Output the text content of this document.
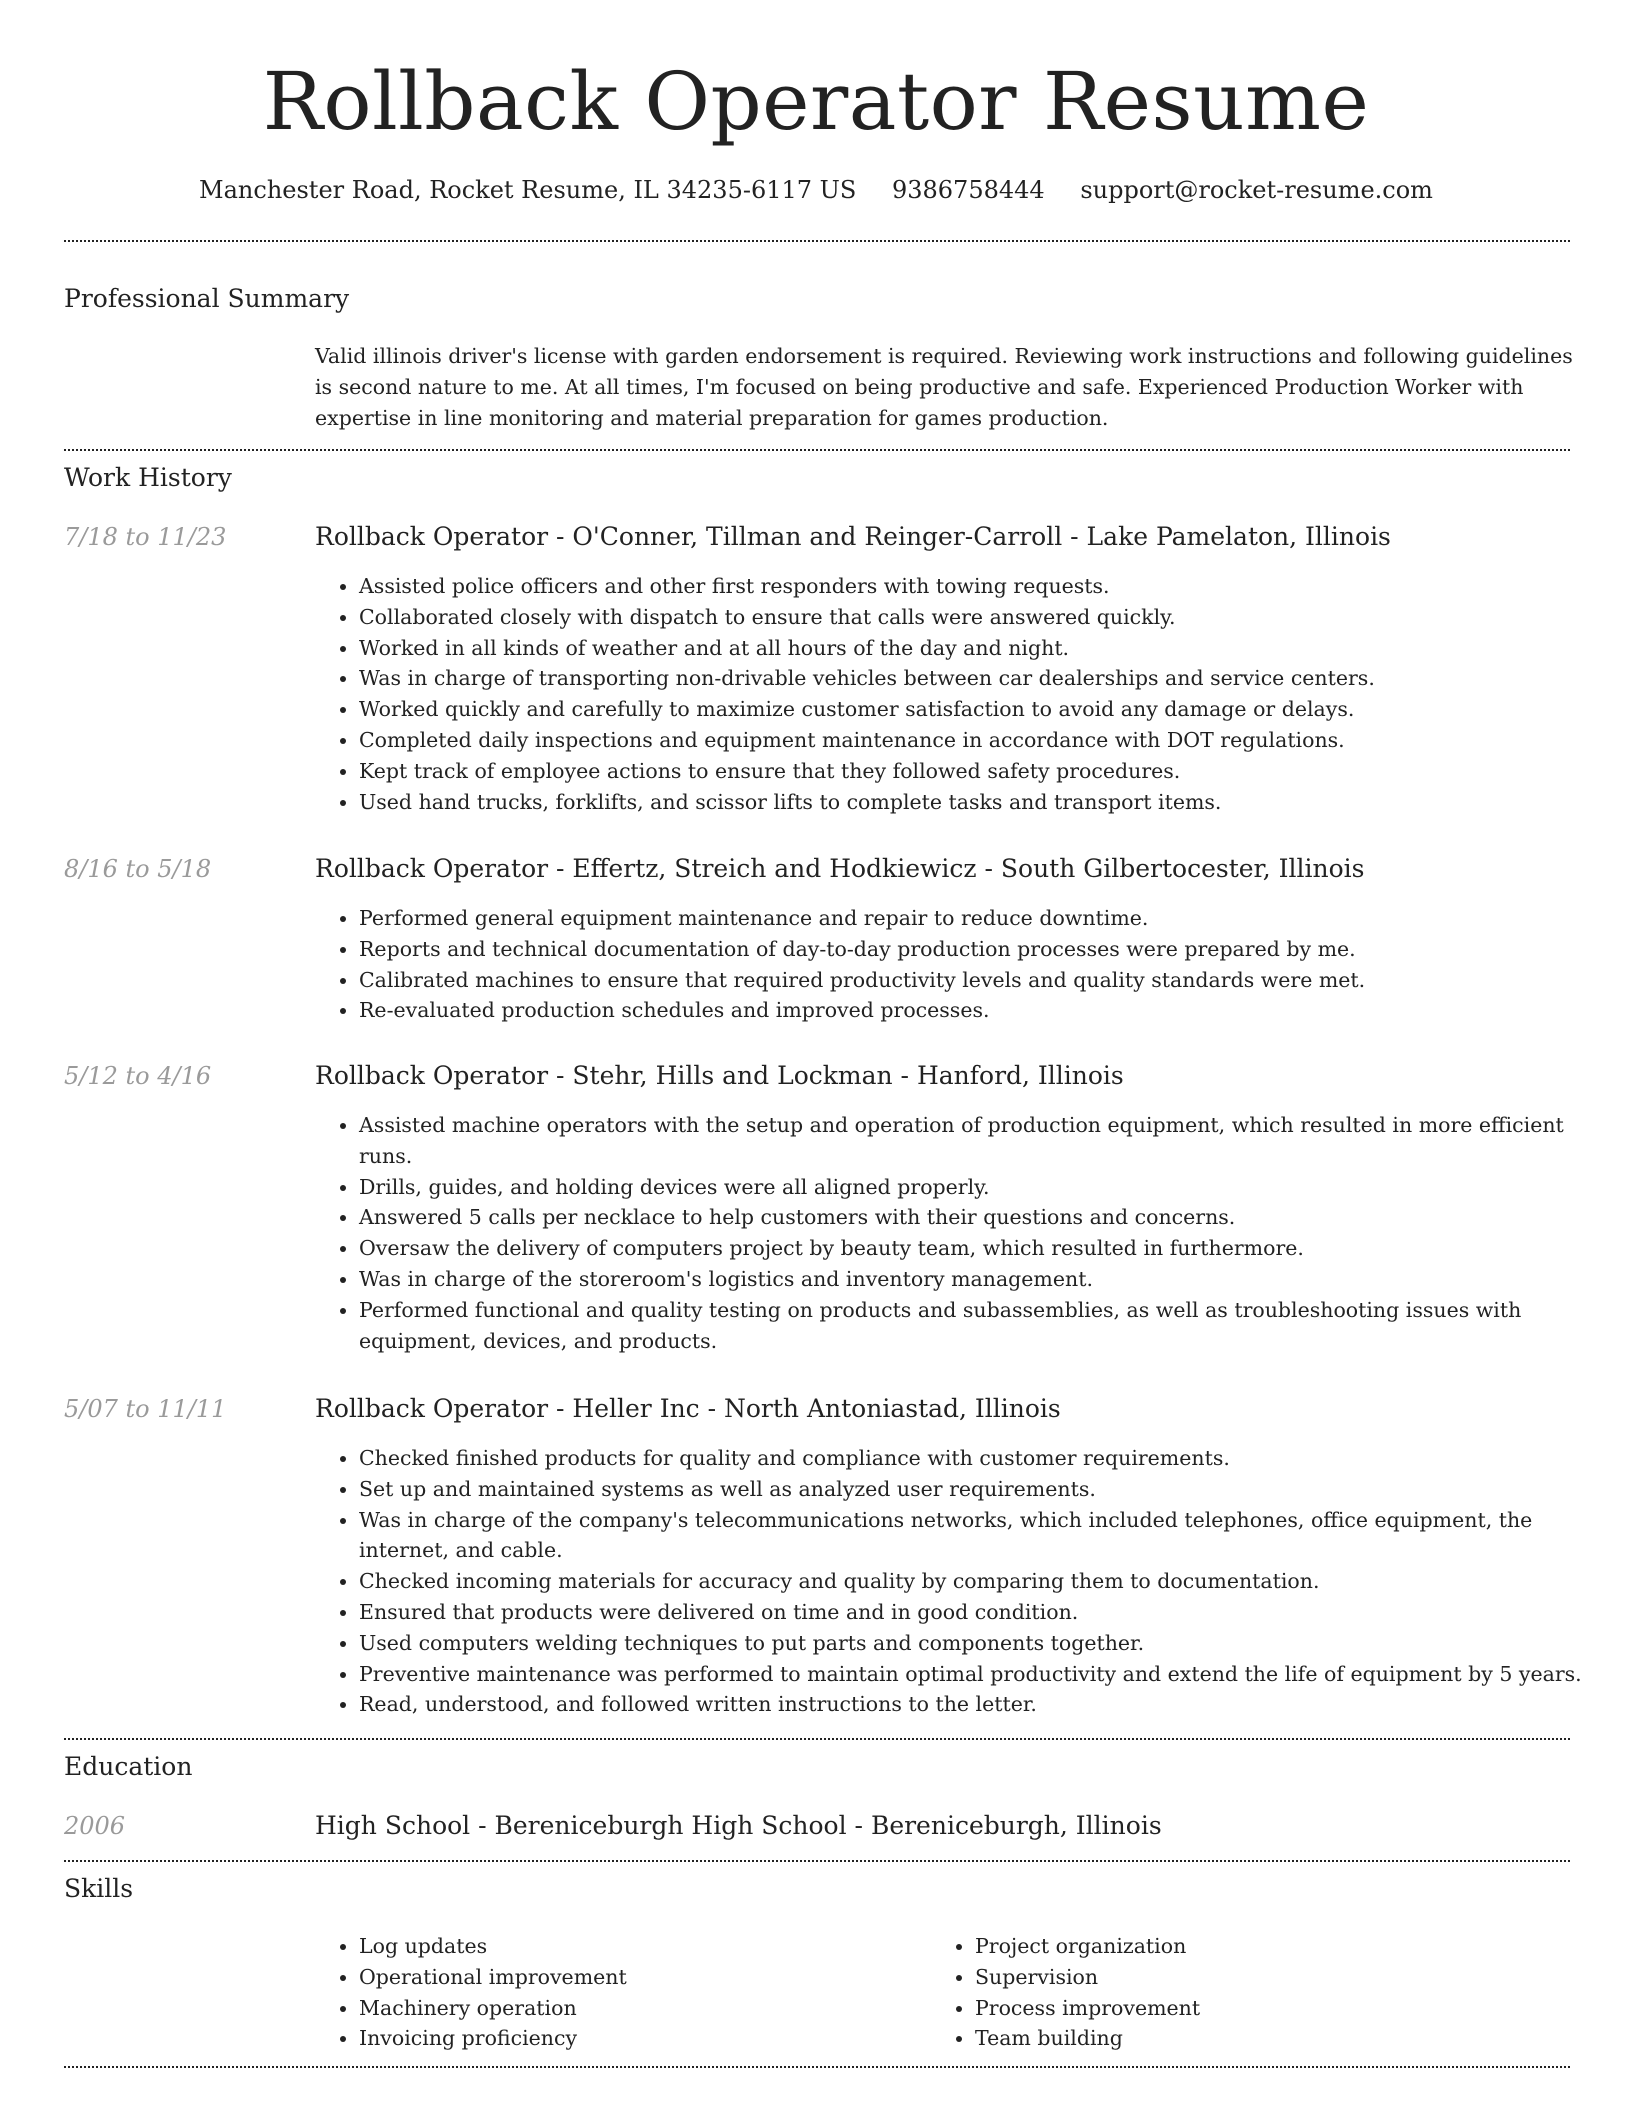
Rollback Operator Resume
Manchester Road, Rocket Resume, IL 34235-6117 US 9386758444 support@rocket-resume.com
Professional Summary
Valid illinois driver's license with garden endorsement is required. Reviewing work instructions and following guidelines is second nature to me. At all times, I'm focused on being productive and safe. Experienced Production Worker with expertise in line monitoring and material preparation for games production.
Work History
7/18 to 11/23	Rollback Operator - O'Conner, Tillman and Reinger-Carroll - Lake Pamelaton, Illinois
• Assisted police officers and other first responders with towing requests.
• Collaborated closely with dispatch to ensure that calls were answered quickly.
• Worked in all kinds of weather and at all hours of the day and night.
• Was in charge of transporting non-drivable vehicles between car dealerships and service centers.
• Worked quickly and carefully to maximize customer satisfaction to avoid any damage or delays.
• Completed daily inspections and equipment maintenance in accordance with DOT regulations.
• Kept track of employee actions to ensure that they followed safety procedures.
• Used hand trucks, forklifts, and scissor lifts to complete tasks and transport items.
8/16 to 5/18	Rollback Operator - Effertz, Streich and Hodkiewicz - South Gilbertocester, Illinois
• Performed general equipment maintenance and repair to reduce downtime.
• Reports and technical documentation of day-to-day production processes were prepared by me.
• Calibrated machines to ensure that required productivity levels and quality standards were met.
• Re-evaluated production schedules and improved processes.
5/12 to 4/16	Rollback Operator - Stehr, Hills and Lockman - Hanford, Illinois
• Assisted machine operators with the setup and operation of production equipment, which resulted in more efficient runs.
• Drills, guides, and holding devices were all aligned properly.
• Answered 5 calls per necklace to help customers with their questions and concerns.
• Oversaw the delivery of computers project by beauty team, which resulted in furthermore.
• Was in charge of the storeroom's logistics and inventory management.
• Performed functional and quality testing on products and subassemblies, as well as troubleshooting issues with equipment, devices, and products.
5/07 to 11/11	Rollback Operator - Heller Inc - North Antoniastad, Illinois
• Checked finished products for quality and compliance with customer requirements.
• Set up and maintained systems as well as analyzed user requirements.
• Was in charge of the company's telecommunications networks, which included telephones, office equipment, the internet, and cable.
• Checked incoming materials for accuracy and quality by comparing them to documentation.
• Ensured that products were delivered on time and in good condition.
• Used computers welding techniques to put parts and components together.
• Preventive maintenance was performed to maintain optimal productivity and extend the life of equipment by 5 years.
• Read, understood, and followed written instructions to the letter.
Education
2006	High School - Bereniceburgh High School - Bereniceburgh, Illinois
Skills
• Log updates
• Operational improvement
• Machinery operation
• Invoicing proficiency
• Project organization
• Supervision
• Process improvement
• Team building
